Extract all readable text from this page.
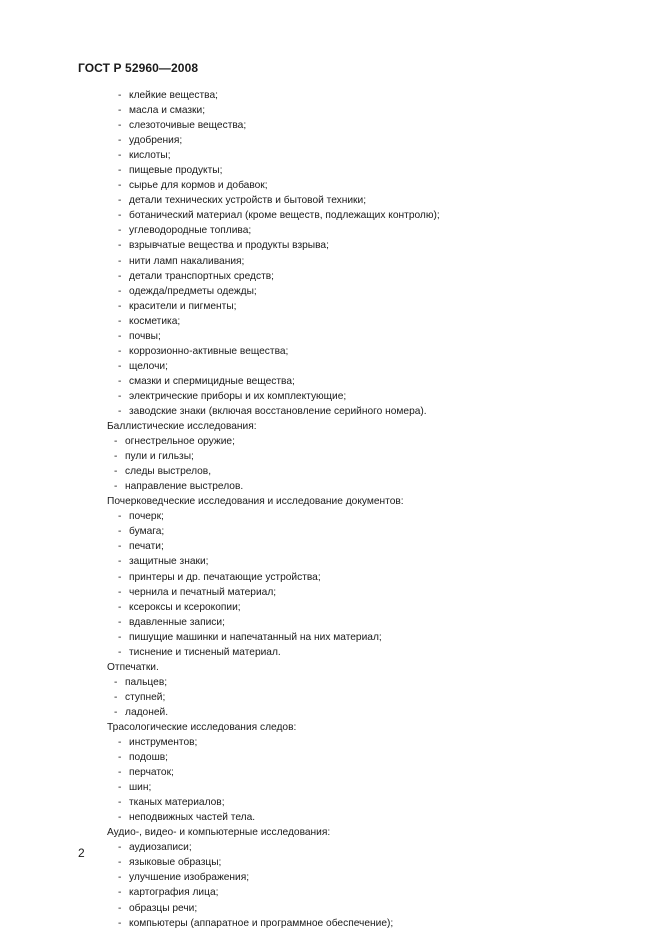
ГОСТ Р 52960—2008
- клейкие вещества;
- масла и смазки;
- слезоточивые вещества;
- удобрения;
- кислоты;
- пищевые продукты;
- сырье для кормов и добавок;
- детали технических устройств и бытовой техники;
- ботанический материал (кроме веществ, подлежащих контролю);
- углеводородные топлива;
- взрывчатые вещества и продукты взрыва;
- нити ламп накаливания;
- детали транспортных средств;
- одежда/предметы одежды;
- красители и пигменты;
- косметика;
- почвы;
- коррозионно-активные вещества;
- щелочи;
- смазки и спермицидные вещества;
- электрические приборы и их комплектующие;
- заводские знаки (включая восстановление серийного номера).
Баллистические исследования:
- огнестрельное оружие;
- пули и гильзы;
- следы выстрелов,
- направление выстрелов.
Почерковедческие исследования и исследование документов:
- почерк;
- бумага;
- печати;
- защитные знаки;
- принтеры и др. печатающие устройства;
- чернила и печатный материал;
- ксероксы и ксерокопии;
- вдавленные записи;
- пишущие машинки и напечатанный на них материал;
- тиснение и тисненый материал.
Отпечатки.
- пальцев;
- ступней;
- ладоней.
Трасологические исследования следов:
- инструментов;
- подошв;
- перчаток;
- шин;
- тканых материалов;
- неподвижных частей тела.
Аудио-, видео- и компьютерные исследования:
- аудиозаписи;
- языковые образцы;
- улучшение изображения;
- картография лица;
- образцы речи;
- компьютеры (аппаратное и программное обеспечение);
2
